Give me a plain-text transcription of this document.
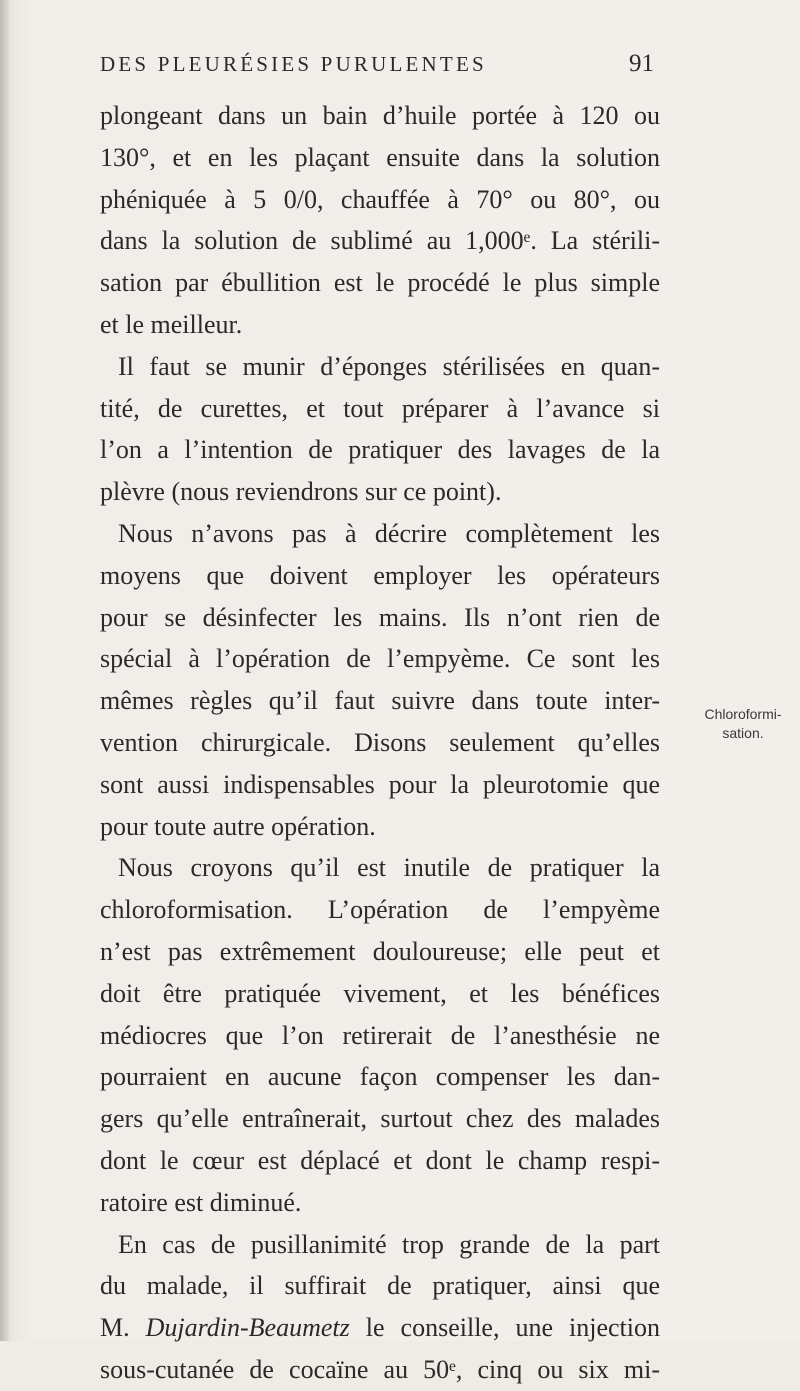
DES PLEURÉSIES PURULENTES	91
plongeant dans un bain d’huile portée à 120 ou
130°, et en les plaçant ensuite dans la solution
phéniquée à 5 0/0, chauffée à 70° ou 80°, ou
dans la solution de sublimé au 1,000ᵉ. La stérili-
sation par ébullition est le procédé le plus simple
et le meilleur.
Il faut se munir d’éponges stérilisées en quan-
tité, de curettes, et tout préparer à l’avance si
l’on a l’intention de pratiquer des lavages de la
plèvre (nous reviendrons sur ce point).
Nous n’avons pas à décrire complètement les
moyens que doivent employer les opérateurs
pour se désinfecter les mains. Ils n’ont rien de
spécial à l’opération de l’empyème. Ce sont les
mêmes règles qu’il faut suivre dans toute inter-
vention chirurgicale. Disons seulement qu’elles
sont aussi indispensables pour la pleurotomie que
pour toute autre opération.
Nous croyons qu’il est inutile de pratiquer la
chloroformisation. L’opération de l’empyème
n’est pas extrêmement douloureuse; elle peut et
doit être pratiquée vivement, et les bénéfices
médiocres que l’on retirerait de l’anesthésie ne
pourraient en aucune façon compenser les dan-
gers qu’elle entraînerait, surtout chez des malades
dont le cœur est déplacé et dont le champ respi-
ratoire est diminué.
En cas de pusillanimité trop grande de la part
du malade, il suffirait de pratiquer, ainsi que
M. Dujardin-Beaumetz le conseille, une injection
sous-cutanée de cocaïne au 50ᵉ, cinq ou six mi-
Chloroformi-
sation.
